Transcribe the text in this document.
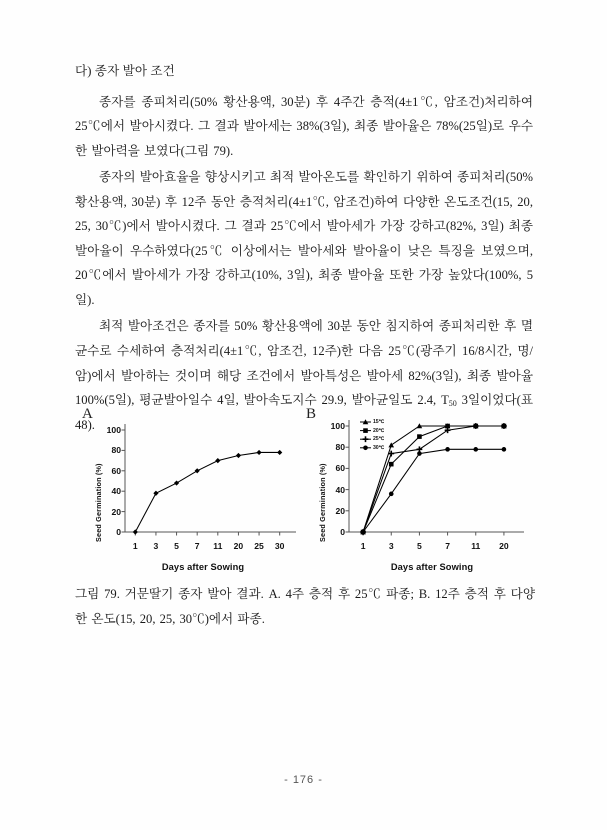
다) 종자 발아 조건

종자를 종피처리(50% 황산용액, 30분) 후 4주간 층적(4±1℃, 암조건)처리하여 25℃에서 발아시켰다. 그 결과 발아세는 38%(3일), 최종 발아율은 78%(25일)로 우수한 발아력을 보였다(그림 79).

종자의 발아효율을 향상시키고 최적 발아온도를 확인하기 위하여 종피처리(50% 황산용액, 30분) 후 12주 동안 층적처리(4±1℃, 암조건)하여 다양한 온도조건(15, 20, 25, 30℃)에서 발아시켰다. 그 결과 25℃에서 발아세가 가장 강하고(82%, 3일) 최종 발아율이 우수하였다(25℃ 이상에서는 발아세와 발아율이 낮은 특징을 보였으며, 20℃에서 발아세가 가장 강하고(10%, 3일), 최종 발아율 또한 가장 높았다(100%, 5일).

최적 발아조건은 종자를 50% 황산용액에 30분 동안 침지하여 종피처리한 후 멸균수로 수세하여 층적처리(4±1℃, 암조건, 12주)한 다음 25℃(광주기 16/8시간, 명/암)에서 발아하는 것이며 해당 조건에서 발아특성은 발아세 82%(3일), 최종 발아율 100%(5일), 평균발아일수 4일, 발아속도지수 29.9, 발아균일도 2.4, $T_{50}$ 3일이었다(표 48).

A
Seed Germination (%)
Days after Sowing
0
20
40
60
80
100
1	3	5	7	11	20	25	30
B
Seed Germination (%)
Days after Sowing
15℃
20℃
25℃
30℃
0
20
40
60
80
100
1	3	5	7	11	20
그림 79. 거문딸기 종자 발아 결과. A. 4주 층적 후 25℃ 파종; B. 12주 층적 후 다양한 온도(15, 20, 25, 30℃)에서 파종.
- 176 -
